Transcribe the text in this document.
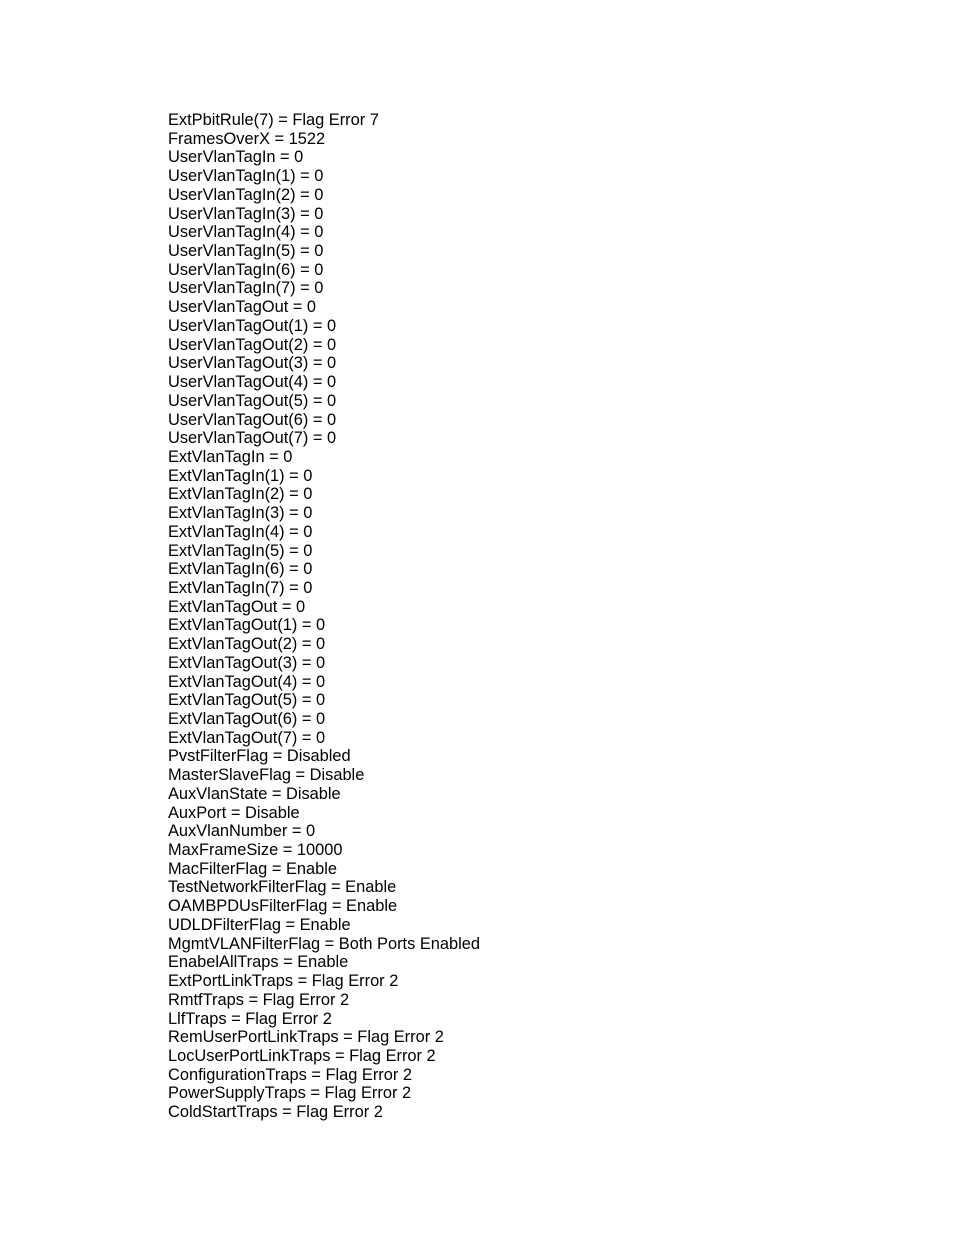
ExtPbitRule(7) = Flag Error 7
FramesOverX = 1522
UserVlanTagIn = 0
UserVlanTagIn(1) = 0
UserVlanTagIn(2) = 0
UserVlanTagIn(3) = 0
UserVlanTagIn(4) = 0
UserVlanTagIn(5) = 0
UserVlanTagIn(6) = 0
UserVlanTagIn(7) = 0
UserVlanTagOut = 0
UserVlanTagOut(1) = 0
UserVlanTagOut(2) = 0
UserVlanTagOut(3) = 0
UserVlanTagOut(4) = 0
UserVlanTagOut(5) = 0
UserVlanTagOut(6) = 0
UserVlanTagOut(7) = 0
ExtVlanTagIn = 0
ExtVlanTagIn(1) = 0
ExtVlanTagIn(2) = 0
ExtVlanTagIn(3) = 0
ExtVlanTagIn(4) = 0
ExtVlanTagIn(5) = 0
ExtVlanTagIn(6) = 0
ExtVlanTagIn(7) = 0
ExtVlanTagOut = 0
ExtVlanTagOut(1) = 0
ExtVlanTagOut(2) = 0
ExtVlanTagOut(3) = 0
ExtVlanTagOut(4) = 0
ExtVlanTagOut(5) = 0
ExtVlanTagOut(6) = 0
ExtVlanTagOut(7) = 0
PvstFilterFlag = Disabled
MasterSlaveFlag = Disable
AuxVlanState = Disable
AuxPort = Disable
AuxVlanNumber = 0
MaxFrameSize = 10000
MacFilterFlag = Enable
TestNetworkFilterFlag = Enable
OAMBPDUsFilterFlag = Enable
UDLDFilterFlag = Enable
MgmtVLANFilterFlag = Both Ports Enabled
EnabelAllTraps = Enable
ExtPortLinkTraps = Flag Error 2
RmtfTraps = Flag Error 2
LlfTraps = Flag Error 2
RemUserPortLinkTraps = Flag Error 2
LocUserPortLinkTraps = Flag Error 2
ConfigurationTraps = Flag Error 2
PowerSupplyTraps = Flag Error 2
ColdStartTraps = Flag Error 2
